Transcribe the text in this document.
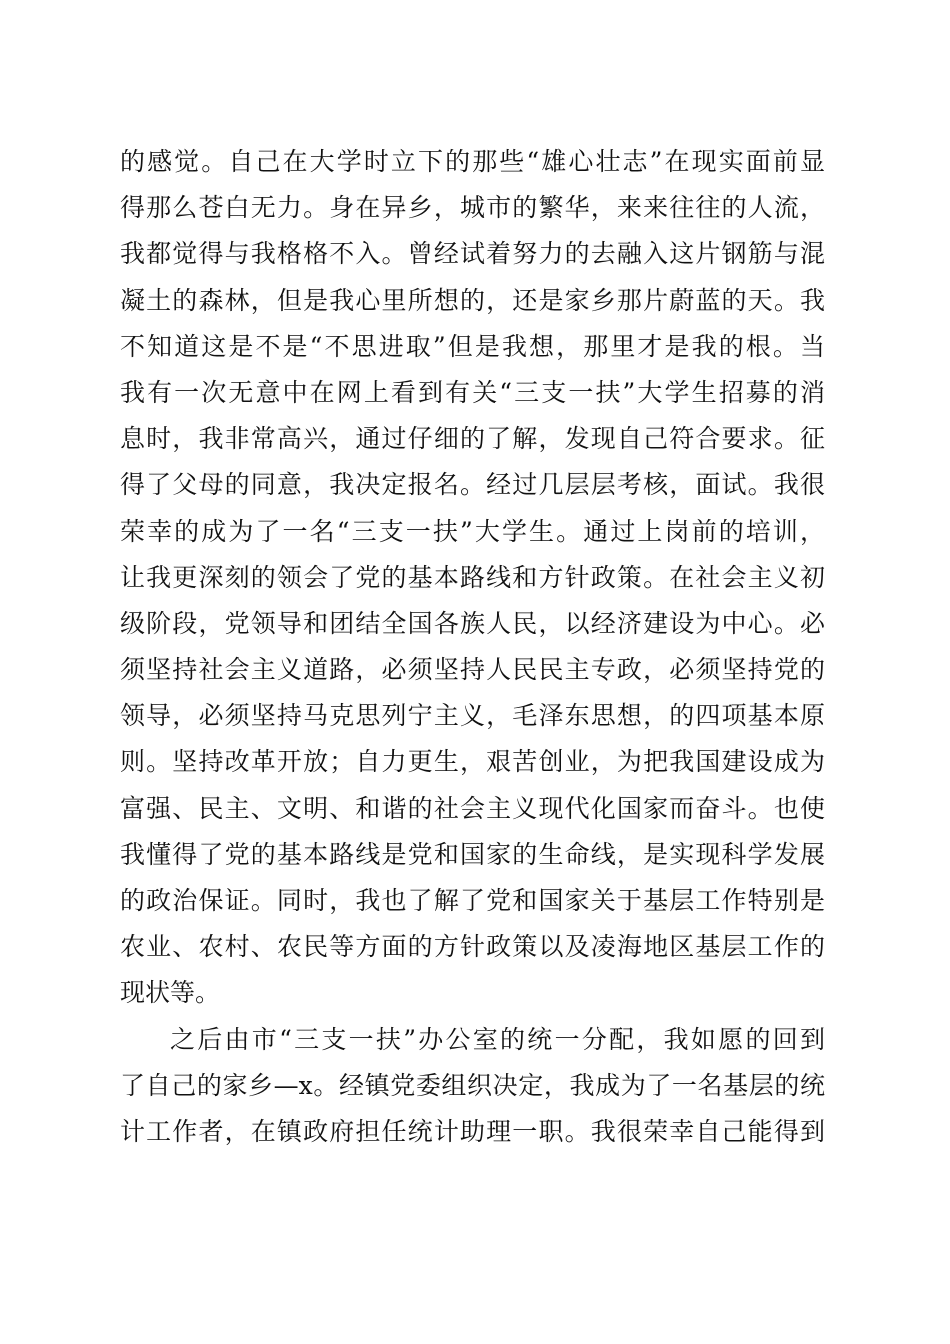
的感觉。自己在大学时立下的那些“雄心壮志”在现实面前显
得那么苍白无力。身在异乡，城市的繁华，来来往往的人流，
我都觉得与我格格不入。曾经试着努力的去融入这片钢筋与混
凝土的森林，但是我心里所想的，还是家乡那片蔚蓝的天。我
不知道这是不是“不思进取”但是我想，那里才是我的根。当
我有一次无意中在网上看到有关“三支一扶”大学生招募的消
息时，我非常高兴，通过仔细的了解，发现自己符合要求。征
得了父母的同意，我决定报名。经过几层层考核，面试。我很
荣幸的成为了一名“三支一扶”大学生。通过上岗前的培训，
让我更深刻的领会了党的基本路线和方针政策。在社会主义初
级阶段，党领导和团结全国各族人民，以经济建设为中心。必
须坚持社会主义道路，必须坚持人民民主专政，必须坚持党的
领导，必须坚持马克思列宁主义，毛泽东思想，的四项基本原
则。坚持改革开放；自力更生，艰苦创业，为把我国建设成为
富强、民主、文明、和谐的社会主义现代化国家而奋斗。也使
我懂得了党的基本路线是党和国家的生命线，是实现科学发展
的政治保证。同时，我也了解了党和国家关于基层工作特别是
农业、农村、农民等方面的方针政策以及凌海地区基层工作的
现状等。
之后由市“三支一扶”办公室的统一分配，我如愿的回到
了自己的家乡—x。经镇党委组织决定，我成为了一名基层的统
计工作者，在镇政府担任统计助理一职。我很荣幸自己能得到
